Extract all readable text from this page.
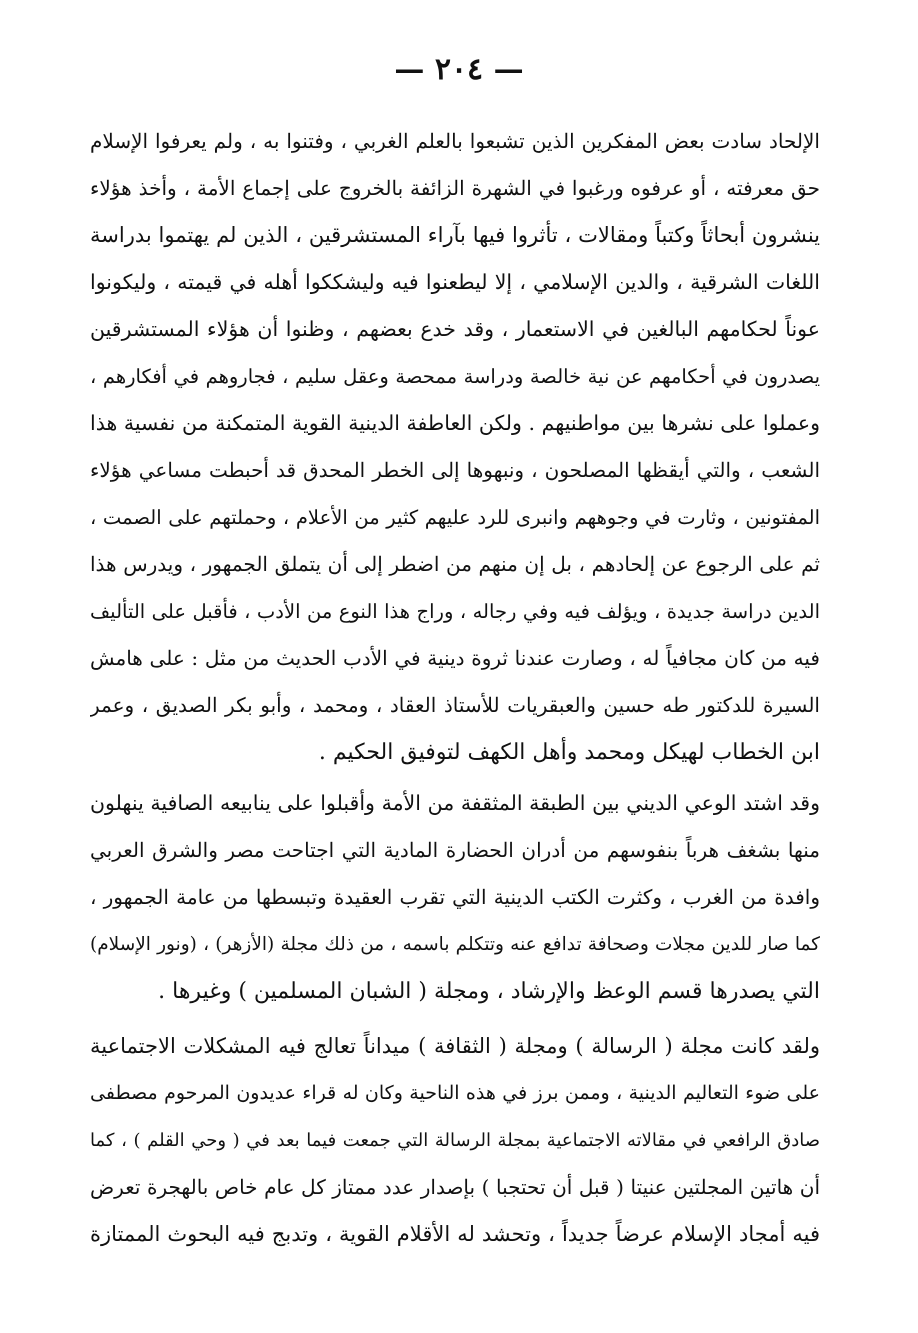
— ٢٠٤ —
الإلحاد سادت بعض المفكرين الذين تشبعوا بالعلم الغربي ، وفتنوا به ، ولم يعرفوا الإسلام
حق معرفته ، أو عرفوه ورغبوا في الشهرة الزائفة بالخروج على إجماع الأمة ، وأخذ هؤلاء
ينشرون أبحاثاً وكتباً ومقالات ، تأثروا فيها بآراء المستشرقين ، الذين لم يهتموا بدراسة
اللغات الشرقية ، والدين الإسلامي ، إلا ليطعنوا فيه وليشككوا أهله في قيمته ، وليكونوا
عوناً لحكامهم البالغين في الاستعمار ، وقد خدع بعضهم ، وظنوا أن هؤلاء المستشرقين
يصدرون في أحكامهم عن نية خالصة ودراسة ممحصة وعقل سليم ، فجاروهم في أفكارهم ،
وعملوا على نشرها بين مواطنيهم . ولكن العاطفة الدينية القوية المتمكنة من نفسية هذا
الشعب ، والتي أيقظها المصلحون ، ونبهوها إلى الخطر المحدق قد أحبطت مساعي هؤلاء
المفتونين ، وثارت في وجوههم وانبرى للرد عليهم كثير من الأعلام ، وحملتهم على الصمت ،
ثم على الرجوع عن إلحادهم ، بل إن منهم من اضطر إلى أن يتملق الجمهور ، ويدرس هذا
الدين دراسة جديدة ، ويؤلف فيه وفي رجاله ، وراج هذا النوع من الأدب ، فأقبل على التأليف
فيه من كان مجافياً له ، وصارت عندنا ثروة دينية في الأدب الحديث من مثل : على هامش
السيرة للدكتور طه حسين والعبقريات للأستاذ العقاد ، ومحمد ، وأبو بكر الصديق ، وعمر
ابن الخطاب لهيكل ومحمد وأهل الكهف لتوفيق الحكيم .
وقد اشتد الوعي الديني بين الطبقة المثقفة من الأمة وأقبلوا على ينابيعه الصافية ينهلون
منها بشغف هرباً بنفوسهم من أدران الحضارة المادية التي اجتاحت مصر والشرق العربي
وافدة من الغرب ، وكثرت الكتب الدينية التي تقرب العقيدة وتبسطها من عامة الجمهور ،
كما صار للدين مجلات وصحافة تدافع عنه وتتكلم باسمه ، من ذلك مجلة (الأزهر) ، (ونور الإسلام)
التي يصدرها قسم الوعظ والإرشاد ، ومجلة ( الشبان المسلمين ) وغيرها .
ولقد كانت مجلة ( الرسالة ) ومجلة ( الثقافة ) ميداناً تعالج فيه المشكلات الاجتماعية
على ضوء التعاليم الدينية ، وممن برز في هذه الناحية وكان له قراء عديدون المرحوم مصطفى
صادق الرافعي في مقالاته الاجتماعية بمجلة الرسالة التي جمعت فيما بعد في ( وحي القلم ) ، كما
أن هاتين المجلتين عنيتا ( قبل أن تحتجبا ) بإصدار عدد ممتاز كل عام خاص بالهجرة تعرض
فيه أمجاد الإسلام عرضاً جديداً ، وتحشد له الأقلام القوية ، وتدبج فيه البحوث الممتازة
